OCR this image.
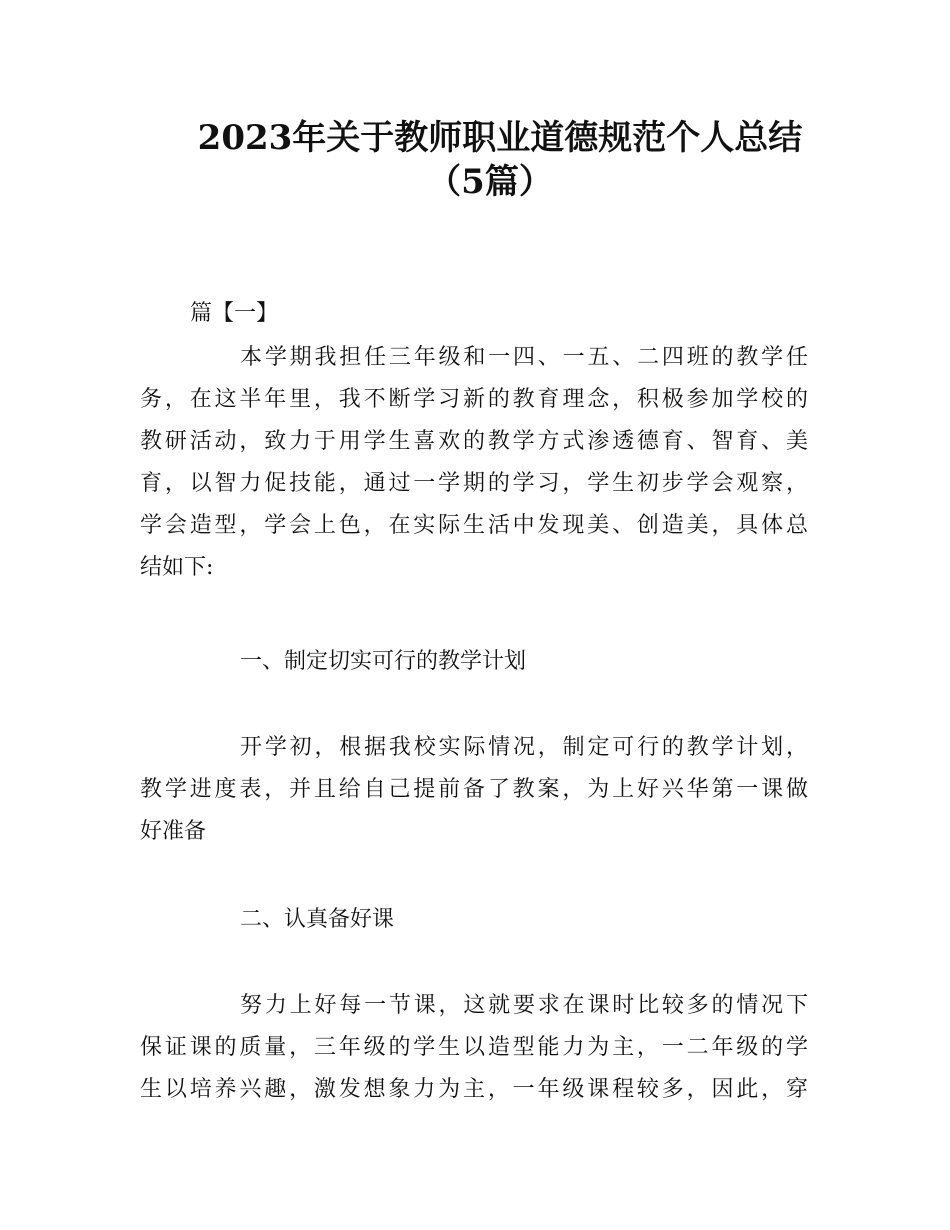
2023年关于教师职业道德规范个人总结
（5篇）

篇【一】

本学期我担任三年级和一四、一五、二四班的教学任

务，在这半年里，我不断学习新的教育理念，积极参加学校的

教研活动，致力于用学生喜欢的教学方式渗透德育、智育、美

育，以智力促技能，通过一学期的学习，学生初步学会观察，

学会造型，学会上色，在实际生活中发现美、创造美，具体总

结如下:

一、制定切实可行的教学计划

开学初，根据我校实际情况，制定可行的教学计划，

教学进度表，并且给自己提前备了教案，为上好兴华第一课做

好准备

二、认真备好课

努力上好每一节课，这就要求在课时比较多的情况下

保证课的质量，三年级的学生以造型能力为主，一二年级的学

生以培养兴趣，激发想象力为主，一年级课程较多，因此，穿
